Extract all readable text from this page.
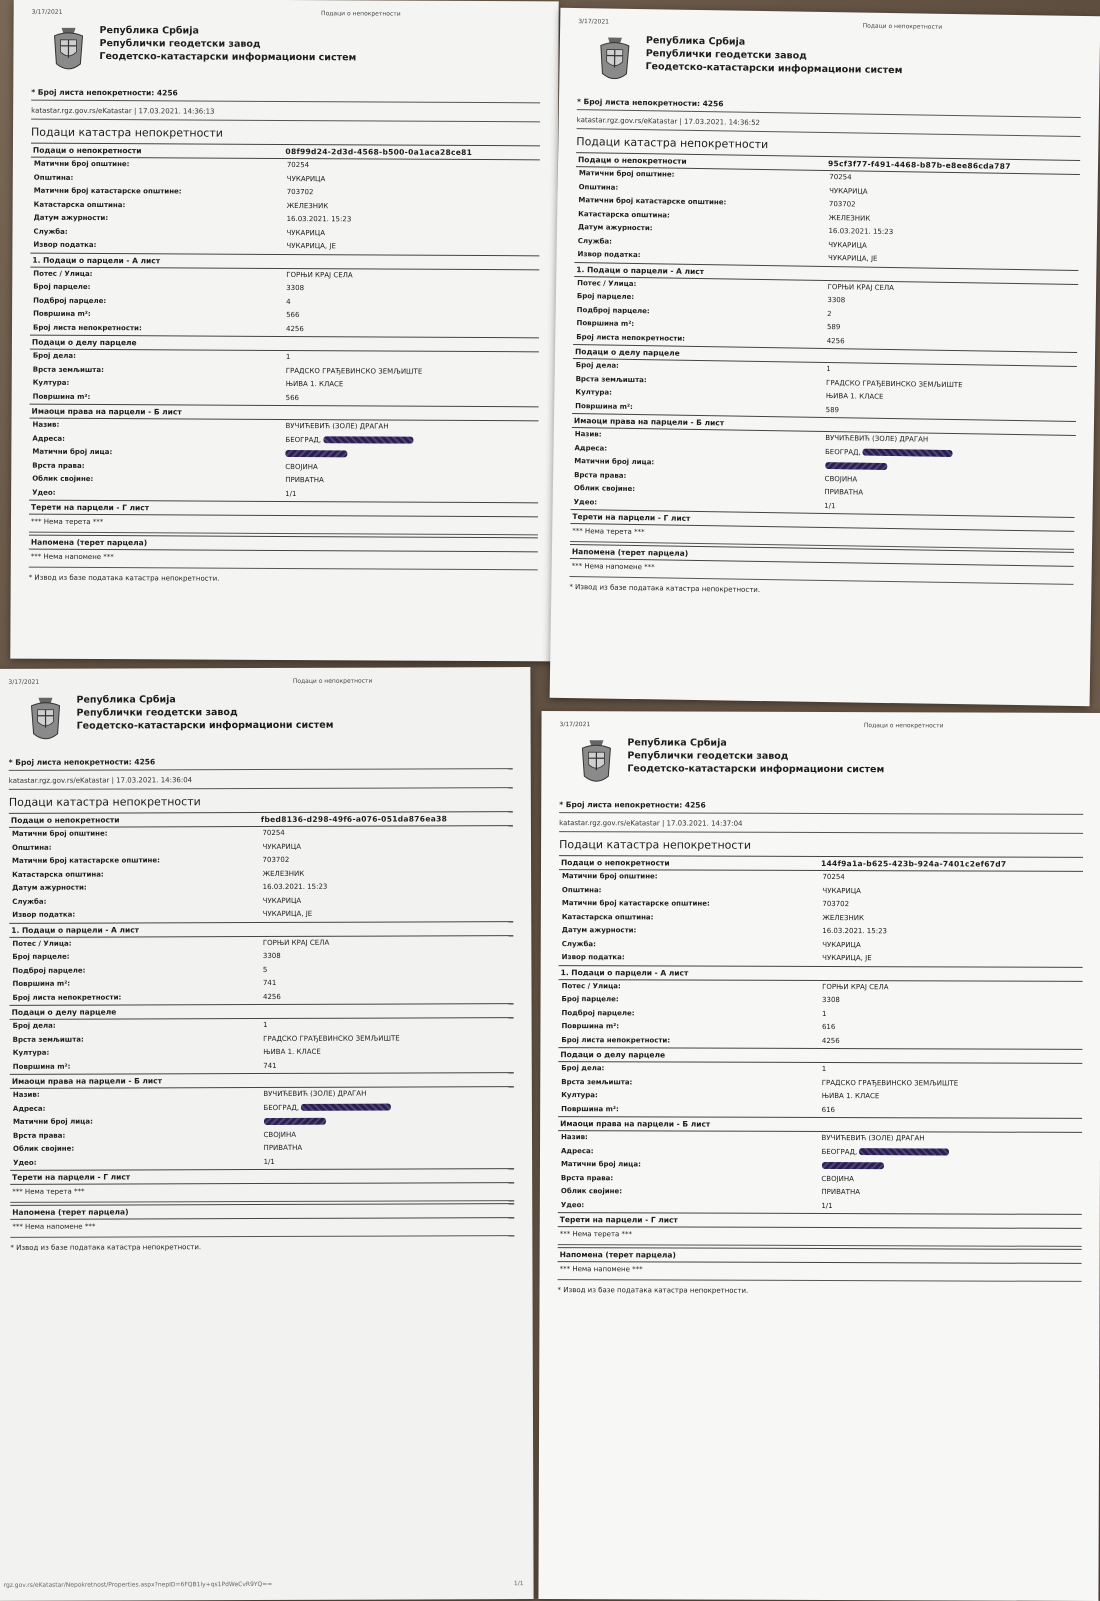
3/17/2021	Подаци о непокретности
Република Србија
Републички геодетски завод
Геодетско-катастарски информациони систем
* Број листа непокретности: 4256
katastar.rgz.gov.rs/eKatastar | 17.03.2021. 14:36:13
Подаци катастра непокретности
Подаци о непокретности	08f99d24-2d3d-4568-b500-0a1aca28ce81
Матични број општине:	70254
Општина:	ЧУКАРИЦА
Матични број катастарске општине:	703702
Катастарска општина:	ЖЕЛЕЗНИК
Датум ажурности:	16.03.2021. 15:23
Служба:	ЧУКАРИЦА
Извор податка:	ЧУКАРИЦА, ЈЕ
1. Подаци о парцели - А лист
Потес / Улица:	ГОРЊИ КРАЈ СЕЛА
Број парцеле:	3308
Подброј парцеле:	4
Површина m²:	566
Број листа непокретности:	4256
Подаци о делу парцеле
Број дела:	1
Врста земљишта:	ГРАДСКО ГРАЂЕВИНСКО ЗЕМЉИШТЕ
Култура:	ЊИВА 1. КЛАСЕ
Површина m²:	566
Имаоци права на парцели - Б лист
Назив:	ВУЧИЋЕВИЋ (ЗОЛЕ) ДРАГАН
Адреса:	БЕОГРАД,
Матични број лица:
Врста права:	СВОЈИНА
Облик својине:	ПРИВАТНА
Удео:	1/1
Терети на парцели - Г лист
*** Нема терета ***
Напомена (терет парцела)
*** Нема напомене ***
* Извод из базе података катастра непокретности.
3/17/2021
Подаци о непокретности
Република Србија
Републички геодетски завод
Геодетско-катастарски информациони систем
* Број листа непокретности: 4256
katastar.rgz.gov.rs/eKatastar | 17.03.2021. 14:36:52
Подаци катастра непокретности
Подаци о непокретности	95cf3f77-f491-4468-b87b-e8ee86cda787
Матични број општине:	70254
Општина:	ЧУКАРИЦА
Матични број катастарске општине:	703702
Катастарска општина:	ЖЕЛЕЗНИК
Датум ажурности:	16.03.2021. 15:23
Служба:	ЧУКАРИЦА
Извор податка:	ЧУКАРИЦА, ЈЕ
1. Подаци о парцели - А лист
Потес / Улица:	ГОРЊИ КРАЈ СЕЛА
Број парцеле:	3308
Подброј парцеле:	2
Површина m²:	589
Број листа непокретности:	4256
Подаци о делу парцеле
Број дела:	1
Врста земљишта:	ГРАДСКО ГРАЂЕВИНСКО ЗЕМЉИШТЕ
Култура:	ЊИВА 1. КЛАСЕ
Површина m²:	589
Имаоци права на парцели - Б лист
Назив:	ВУЧИЋЕВИЋ (ЗОЛЕ) ДРАГАН
Адреса:	БЕОГРАД,
Матични број лица:
Врста права:	СВОЈИНА
Облик својине:	ПРИВАТНА
Удео:	1/1
Терети на парцели - Г лист
*** Нема терета ***
Напомена (терет парцела)
*** Нема напомене ***
* Извод из базе података катастра непокретности.
3/17/2021	Подаци о непокретности
Република Србија
Републички геодетски завод
Геодетско-катастарски информациони систем
* Број листа непокретности: 4256
katastar.rgz.gov.rs/eKatastar | 17.03.2021. 14:36:04
Подаци катастра непокретности
Подаци о непокретности	fbed8136-d298-49f6-a076-051da876ea38
Матични број општине:	70254
Општина:	ЧУКАРИЦА
Матични број катастарске општине:	703702
Катастарска општина:	ЖЕЛЕЗНИК
Датум ажурности:	16.03.2021. 15:23
Служба:	ЧУКАРИЦА
Извор податка:	ЧУКАРИЦА, ЈЕ
1. Подаци о парцели - А лист
Потес / Улица:	ГОРЊИ КРАЈ СЕЛА
Број парцеле:	3308
Подброј парцеле:	5
Површина m²:	741
Број листа непокретности:	4256
Подаци о делу парцеле
Број дела:	1
Врста земљишта:	ГРАДСКО ГРАЂЕВИНСКО ЗЕМЉИШТЕ
Култура:	ЊИВА 1. КЛАСЕ
Површина m²:	741
Имаоци права на парцели - Б лист
Назив:	ВУЧИЋЕВИЋ (ЗОЛЕ) ДРАГАН
Адреса:	БЕОГРАД,
Матични број лица:
Врста права:	СВОЈИНА
Облик својине:	ПРИВАТНА
Удео:	1/1
Терети на парцели - Г лист
*** Нема терета ***
Напомена (терет парцела)
*** Нема напомене ***
* Извод из базе података катастра непокретности.
rgz.gov.rs/eKatastar/Nepokretnost/Properties.aspx?nepID=6FQB1ly+qs1PdWeCvR9YQ==	1/1
3/17/2021	Подаци о непокретности
Република Србија
Републички геодетски завод
Геодетско-катастарски информациони систем
* Број листа непокретности: 4256
katastar.rgz.gov.rs/eKatastar | 17.03.2021. 14:37:04
Подаци катастра непокретности
Подаци о непокретности	144f9a1a-b625-423b-924a-7401c2ef67d7
Матични број општине:	70254
Општина:	ЧУКАРИЦА
Матични број катастарске општине:	703702
Катастарска општина:	ЖЕЛЕЗНИК
Датум ажурности:	16.03.2021. 15:23
Служба:	ЧУКАРИЦА
Извор податка:	ЧУКАРИЦА, ЈЕ
1. Подаци о парцели - А лист
Потес / Улица:	ГОРЊИ КРАЈ СЕЛА
Број парцеле:	3308
Подброј парцеле:	1
Површина m²:	616
Број листа непокретности:	4256
Подаци о делу парцеле
Број дела:	1
Врста земљишта:	ГРАДСКО ГРАЂЕВИНСКО ЗЕМЉИШТЕ
Култура:	ЊИВА 1. КЛАСЕ
Површина m²:	616
Имаоци права на парцели - Б лист
Назив:	ВУЧИЋЕВИЋ (ЗОЛЕ) ДРАГАН
Адреса:	БЕОГРАД,
Матични број лица:
Врста права:	СВОЈИНА
Облик својине:	ПРИВАТНА
Удео:	1/1
Терети на парцели - Г лист
*** Нема терета ***
Напомена (терет парцела)
*** Нема напомене ***
* Извод из базе података катастра непокретности.
